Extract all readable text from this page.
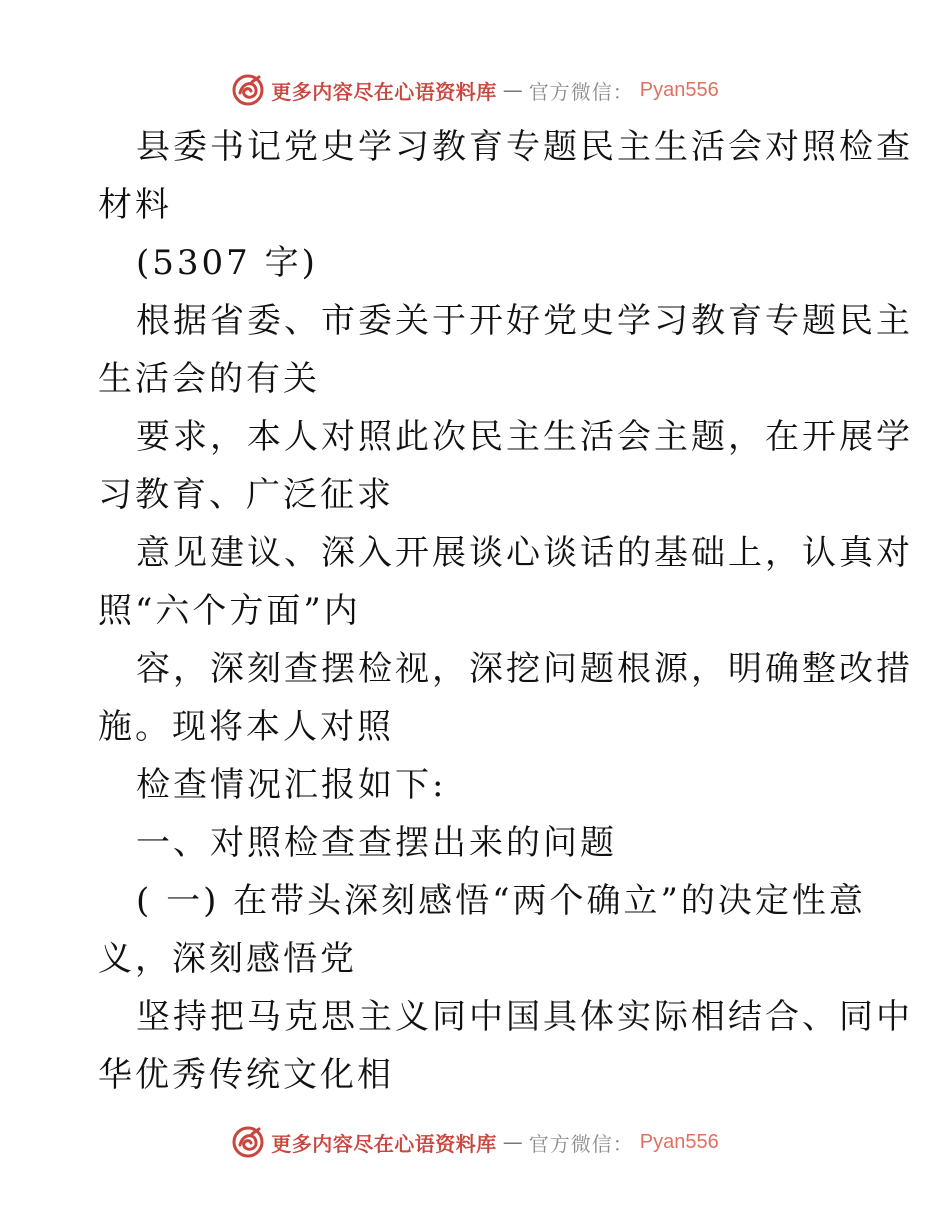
更多内容尽在心语资料库 — 官方微信： Pyan556
县委书记党史学习教育专题民主生活会对照检查
材料
(5307 字)
根据省委、市委关于开好党史学习教育专题民主
生活会的有关
要求，本人对照此次民主生活会主题，在开展学
习教育、广泛征求
意见建议、深入开展谈心谈话的基础上，认真对
照“六个方面”内
容，深刻查摆检视，深挖问题根源，明确整改措
施。现将本人对照
检查情况汇报如下:
一、对照检查查摆出来的问题
( 一) 在带头深刻感悟“两个确立”的决定性意
义，深刻感悟党
坚持把马克思主义同中国具体实际相结合、同中
华优秀传统文化相
更多内容尽在心语资料库 — 官方微信： Pyan556
